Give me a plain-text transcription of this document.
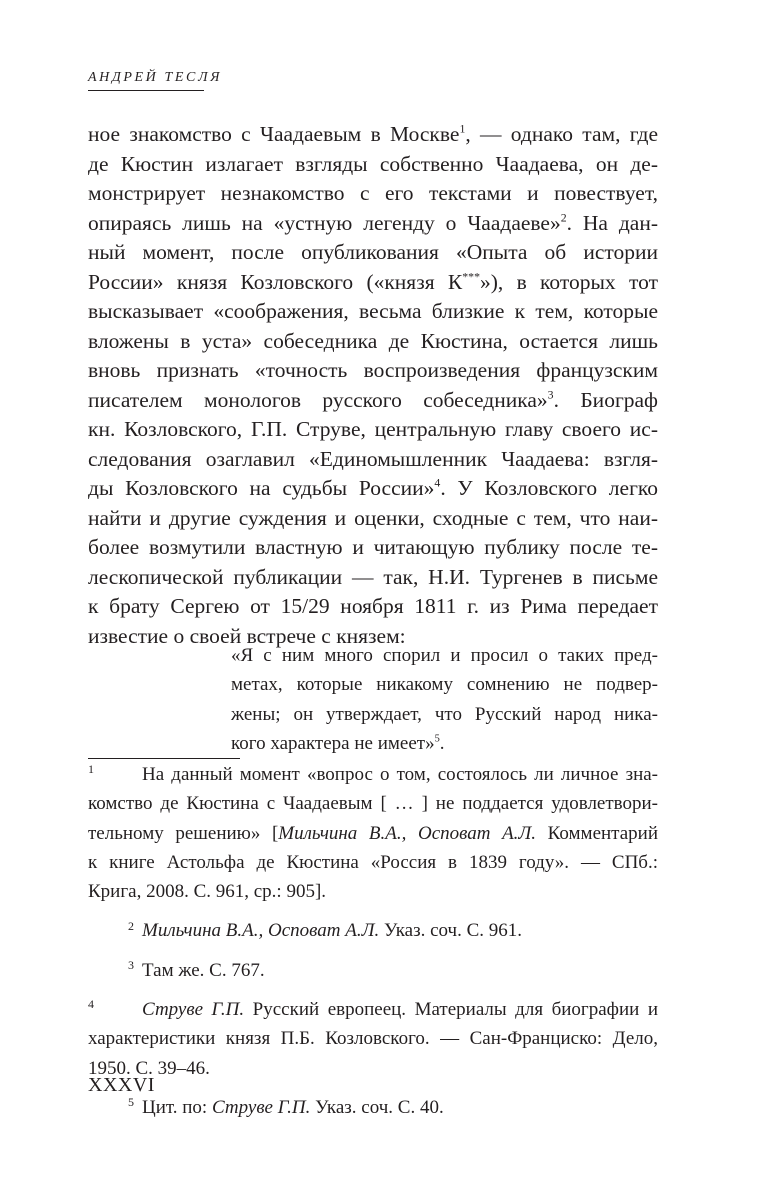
АНДРЕЙ ТЕСЛЯ
ное знакомство с Чаадаевым в Москве$^1$, — однако там, где
де Кюстин излагает взгляды собственно Чаадаева, он де-
монстрирует незнакомство с его текстами и повествует,
опираясь лишь на «устную легенду о Чаадаеве»$^2$. На дан-
ный момент, после опубликования «Опыта об истории
России» князя Козловского («князя К***»), в которых тот
высказывает «соображения, весьма близкие к тем, которые
вложены в уста» собеседника де Кюстина, остается лишь
вновь признать «точность воспроизведения французским
писателем монологов русского собеседника»$^3$. Биограф
кн. Козловского, Г.П. Струве, центральную главу своего ис-
следования озаглавил «Единомышленник Чаадаева: взгля-
ды Козловского на судьбы России»$^4$. У Козловского легко
найти и другие суждения и оценки, сходные с тем, что наи-
более возмутили властную и читающую публику после те-
лескопической публикации — так, Н.И. Тургенев в письме
к брату Сергею от 15/29 ноября 1811 г. из Рима передает
известие о своей встрече с князем:
«Я с ним много спорил и просил о таких пред-
метах, которые никакому сомнению не подвер-
жены; он утверждает, что Русский народ ника-
кого характера не имеет»$^5$.
1	На данный момент «вопрос о том, состоялось ли личное зна-
комство де Кюстина с Чаадаевым [ … ] не поддается удовлетвори-
тельному решению» [Мильчина В.А., Осповат А.Л. Комментарий
к книге Астольфа де Кюстина «Россия в 1839 году». — СПб.:
Крига, 2008. С. 961, ср.: 905].
2 Мильчина В.А., Осповат А.Л. Указ. соч. С. 961.
3 Там же. С. 767.
4	Струве Г.П. Русский европеец. Материалы для биографии и
характеристики князя П.Б. Козловского. — Сан-Франциско: Дело,
1950. С. 39–46.
5 Цит. по: Струве Г.П. Указ. соч. С. 40.
XXXVI
